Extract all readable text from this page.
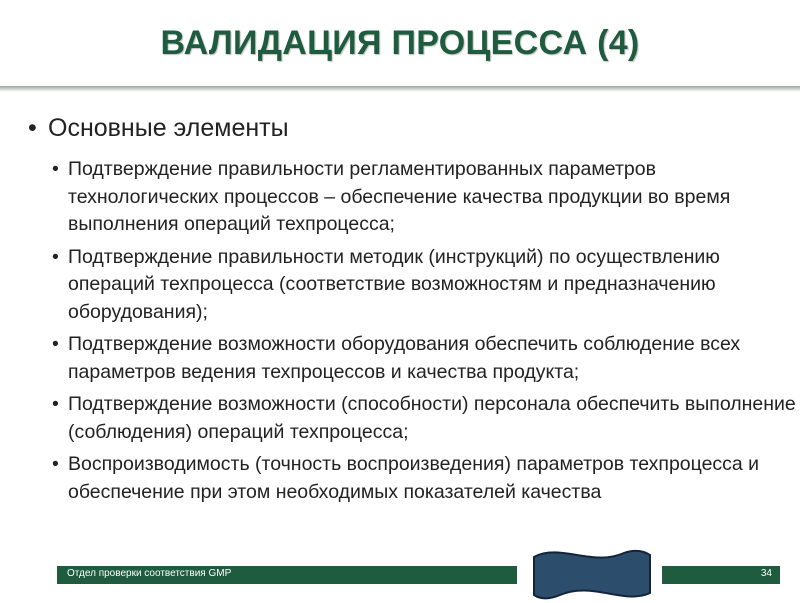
ВАЛИДАЦИЯ ПРОЦЕССА (4)
• Основные элементы
• Подтверждение правильности регламентированных параметров технологических процессов – обеспечение качества продукции во время выполнения операций техпроцесса;
• Подтверждение правильности методик (инструкций) по осуществлению операций техпроцесса (соответствие возможностям и предназначению оборудования);
• Подтверждение возможности оборудования обеспечить соблюдение всех параметров ведения техпроцессов и качества продукта;
• Подтверждение возможности (способности) персонала обеспечить выполнение (соблюдения) операций техпроцесса;
• Воспроизводимость (точность воспроизведения) параметров техпроцесса и обеспечение при этом необходимых показателей качества
Отдел проверки соответствия GMP	34
